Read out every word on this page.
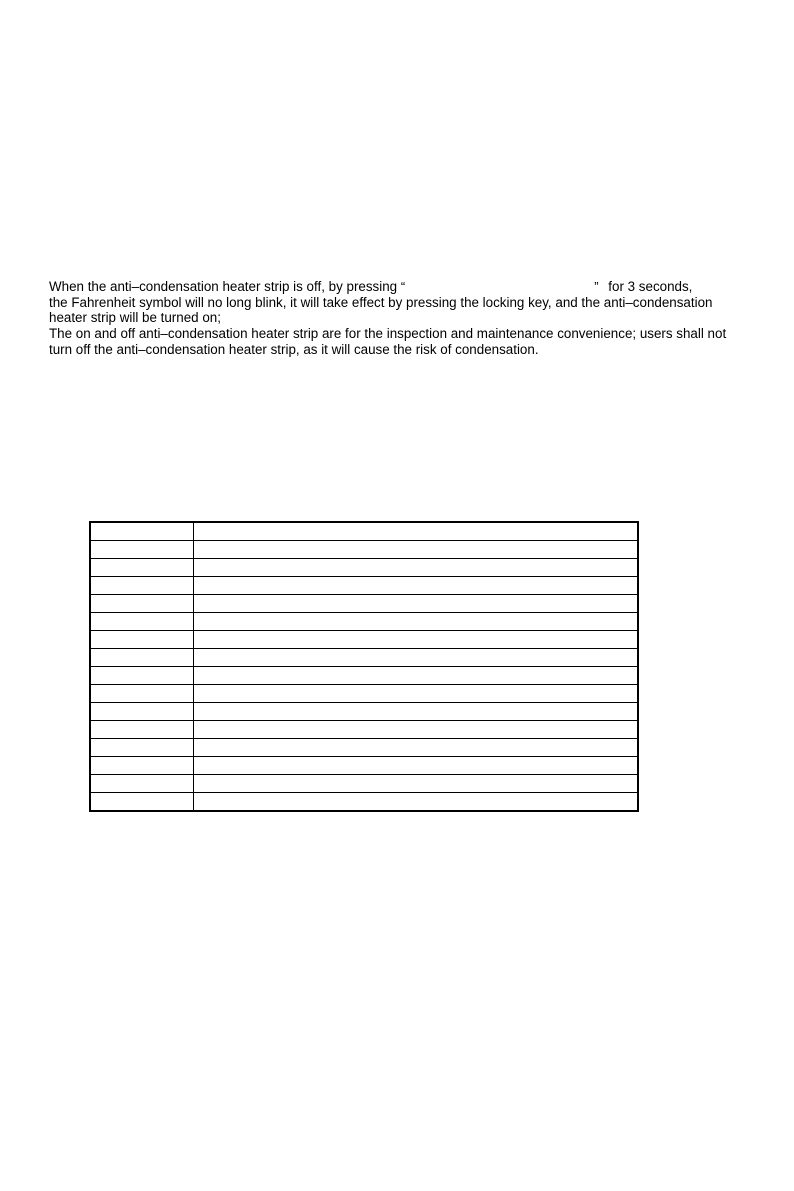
When the anti–condensation heater strip is off, by pressing “	” for 3 seconds,
the Fahrenheit symbol will no long blink, it will take effect by pressing the locking key, and the anti–condensation
heater strip will be turned on;
The on and off anti–condensation heater strip are for the inspection and maintenance convenience; users shall not
turn off the anti–condensation heater strip, as it will cause the risk of condensation.
